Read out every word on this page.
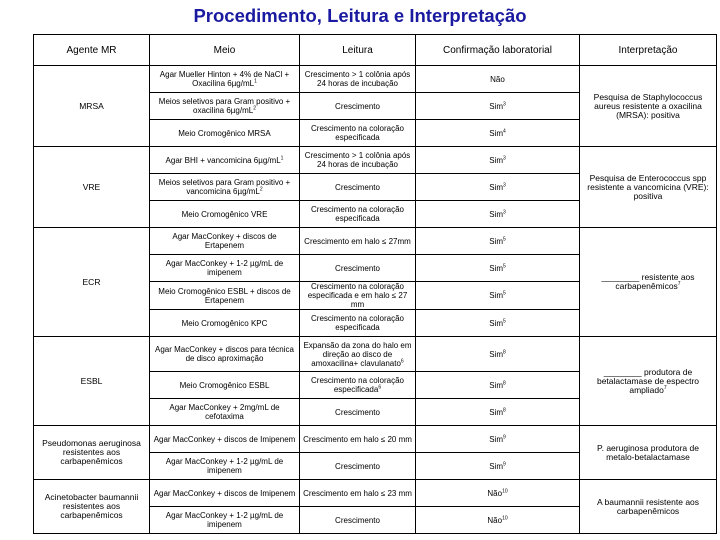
Procedimento, Leitura e Interpretação
Agente MR	Meio	Leitura	Confirmação laboratorial	Interpretação
MRSA	Agar Mueller Hinton + 4% de NaCl + Oxacilina $6\mu g/mL^1$	Crescimento > 1 colônia após 24 horas de incubação	Não	Pesquisa de Staphylococcus aureus resistente a oxacilina (MRSA): positiva
	Meios seletivos para Gram positivo + oxacilina $6\mu g/mL^2$	Crescimento	Sim$^3$
	Meio Cromogênico MRSA	Crescimento na coloração especificada	Sim$^4$
VRE	Agar BHI + vancomicina $6\mu g/mL^1$	Crescimento > 1 colônia após 24 horas de incubação	Sim$^3$	Pesquisa de Enterococcus spp resistente a vancomicina (VRE): positiva
	Meios seletivos para Gram positivo + vancomicina $6\mu g/mL^2$	Crescimento	Sim$^3$
	Meio Cromogênico VRE	Crescimento na coloração especificada	Sim$^3$
ECR	Agar MacConkey + discos de Ertapenem	Crescimento em halo ≤ 27mm	Sim$^5$	________ resistente aos carbapenêmicos$^7$
	Agar MacConkey + 1-2 µg/mL de imipenem	Crescimento	Sim$^5$
	Meio Cromogênico ESBL + discos de Ertapenem	Crescimento na coloração especificada e em halo ≤ 27 mm	Sim$^5$
	Meio Cromogênico KPC	Crescimento na coloração especificada	Sim$^5$
ESBL	Agar MacConkey + discos para técnica de disco aproximação	Expansão da zona do halo em direção ao disco de amoxacilina+ clavulanato$^6$	Sim$^8$	________ produtora de betalactamase de espectro ampliado$^7$
	Meio Cromogênico ESBL	Crescimento na coloração especificada$^6$	Sim$^8$
	Agar MacConkey + 2mg/mL de cefotaxima	Crescimento	Sim$^8$
Pseudomonas aeruginosa resistentes aos carbapenêmicos	Agar MacConkey + discos de Imipenem	Crescimento em halo ≤ 20 mm	Sim$^9$	P. aeruginosa produtora de metalo-betalactamase
	Agar MacConkey + 1-2 µg/mL de imipenem	Crescimento	Sim$^9$
Acinetobacter baumannii resistentes aos carbapenêmicos	Agar MacConkey + discos de Imipenem	Crescimento em halo ≤ 23 mm	Não$^{10}$	A baumannii resistente aos carbapenêmicos
	Agar MacConkey + 1-2 µg/mL de imipenem	Crescimento	Não$^{10}$
